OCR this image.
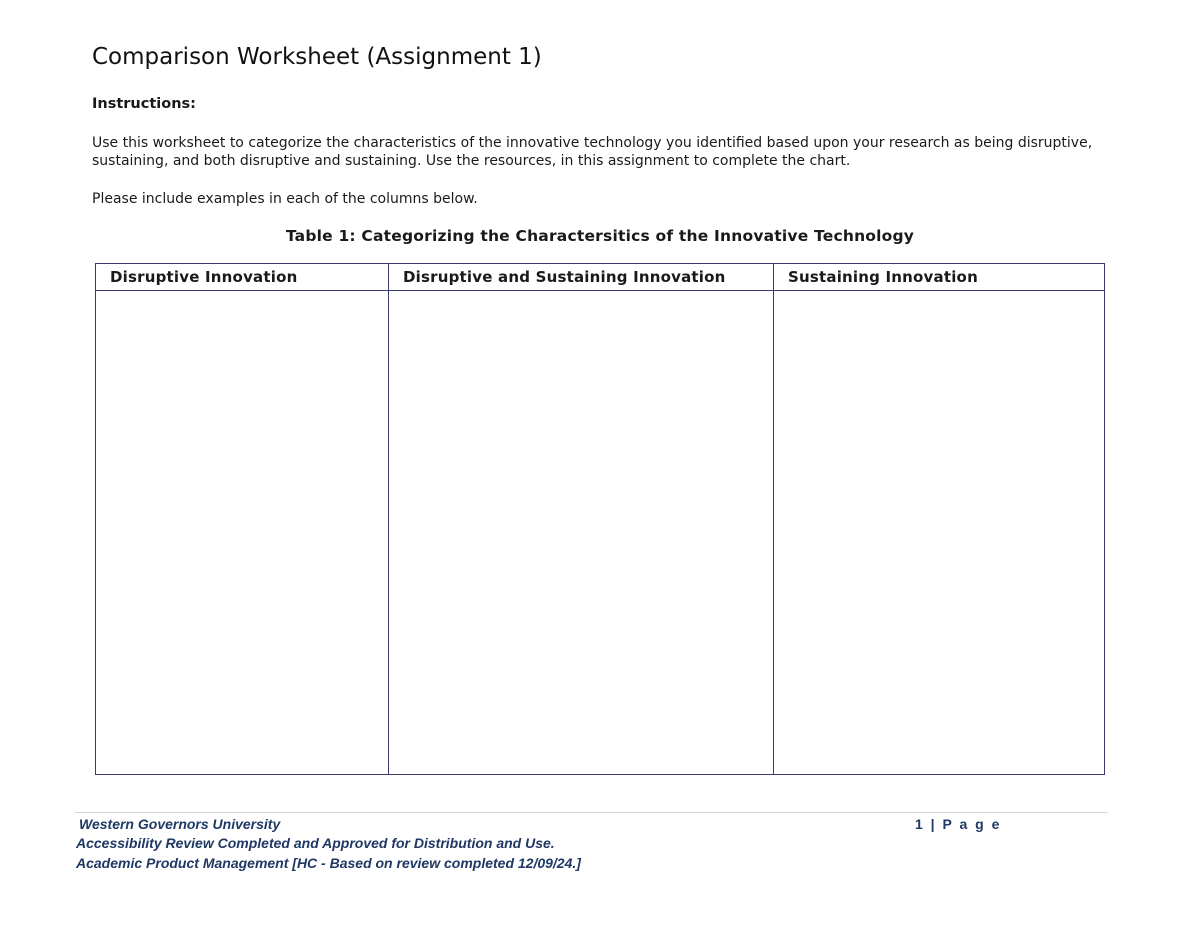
Comparison Worksheet (Assignment 1)
Instructions:

Use this worksheet to categorize the characteristics of the innovative technology you identified based upon your research as being disruptive, sustaining, and both disruptive and sustaining. Use the resources, in this assignment to complete the chart.

Please include examples in each of the columns below.

Table 1: Categorizing the Charactersitics of the Innovative Technology

Disruptive Innovation	Disruptive and Sustaining Innovation	Sustaining Innovation

Western Governors University

Accessibility Review Completed and Approved for Distribution and Use.

Academic Product Management [HC - Based on review completed 12/09/24.]

1 | P a g e
